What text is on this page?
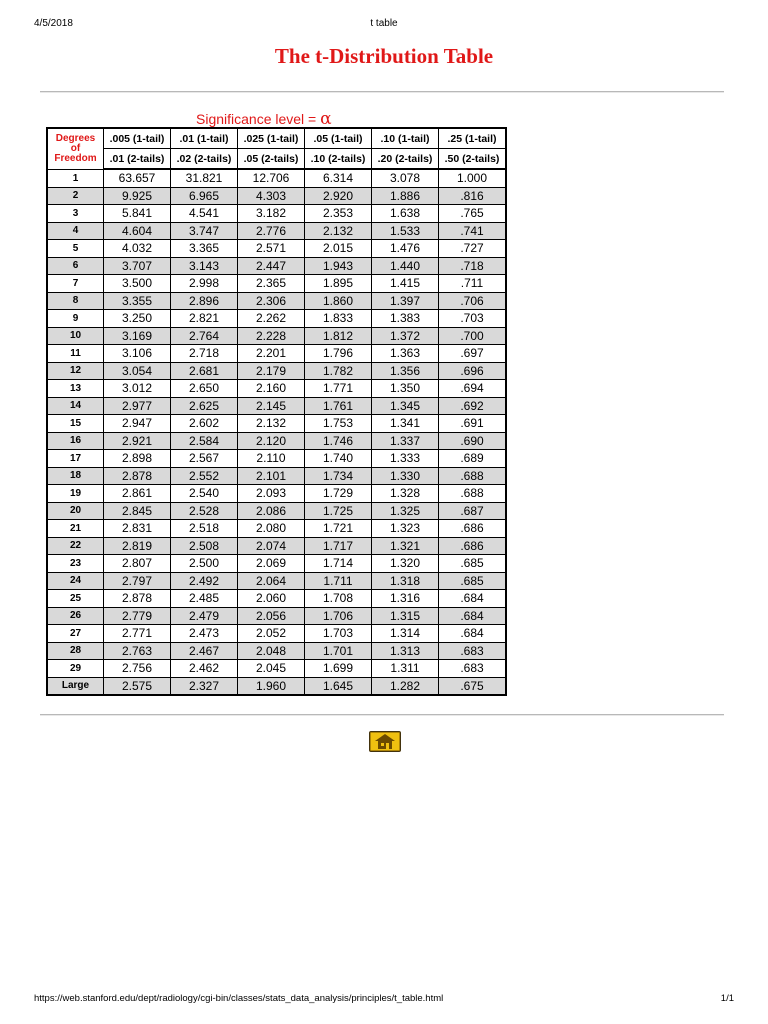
4/5/2018	t table
The t-Distribution Table
Significance level = α
Degrees
of
Freedom	.005 (1-tail)	.01 (1-tail)	.025 (1-tail)	.05 (1-tail)	.10 (1-tail)	.25 (1-tail)
	.01 (2-tails)	.02 (2-tails)	.05 (2-tails)	.10 (2-tails)	.20 (2-tails)	.50 (2-tails)
1	63.657	31.821	12.706	6.314	3.078	1.000
2	9.925	6.965	4.303	2.920	1.886	.816
3	5.841	4.541	3.182	2.353	1.638	.765
4	4.604	3.747	2.776	2.132	1.533	.741
5	4.032	3.365	2.571	2.015	1.476	.727
6	3.707	3.143	2.447	1.943	1.440	.718
7	3.500	2.998	2.365	1.895	1.415	.711
8	3.355	2.896	2.306	1.860	1.397	.706
9	3.250	2.821	2.262	1.833	1.383	.703
10	3.169	2.764	2.228	1.812	1.372	.700
11	3.106	2.718	2.201	1.796	1.363	.697
12	3.054	2.681	2.179	1.782	1.356	.696
13	3.012	2.650	2.160	1.771	1.350	.694
14	2.977	2.625	2.145	1.761	1.345	.692
15	2.947	2.602	2.132	1.753	1.341	.691
16	2.921	2.584	2.120	1.746	1.337	.690
17	2.898	2.567	2.110	1.740	1.333	.689
18	2.878	2.552	2.101	1.734	1.330	.688
19	2.861	2.540	2.093	1.729	1.328	.688
20	2.845	2.528	2.086	1.725	1.325	.687
21	2.831	2.518	2.080	1.721	1.323	.686
22	2.819	2.508	2.074	1.717	1.321	.686
23	2.807	2.500	2.069	1.714	1.320	.685
24	2.797	2.492	2.064	1.711	1.318	.685
25	2.878	2.485	2.060	1.708	1.316	.684
26	2.779	2.479	2.056	1.706	1.315	.684
27	2.771	2.473	2.052	1.703	1.314	.684
28	2.763	2.467	2.048	1.701	1.313	.683
29	2.756	2.462	2.045	1.699	1.311	.683
Large	2.575	2.327	1.960	1.645	1.282	.675
https://web.stanford.edu/dept/radiology/cgi-bin/classes/stats_data_analysis/principles/t_table.html	1/1
